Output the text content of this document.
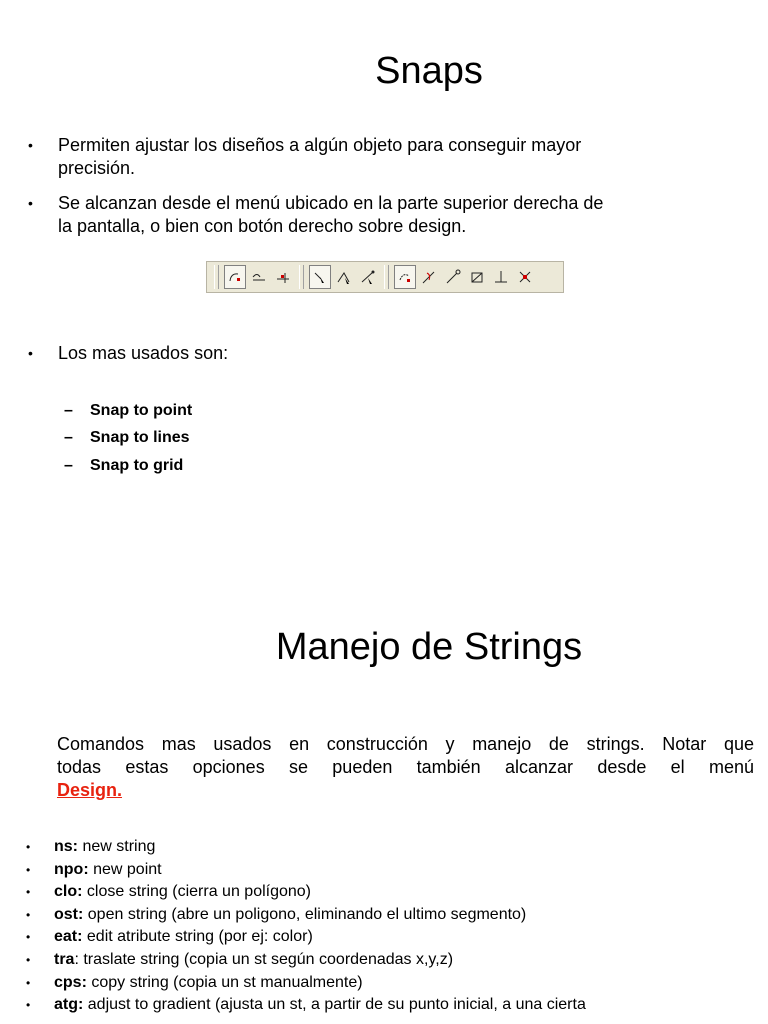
Snaps
• Permiten ajustar los diseños a algún objeto para conseguir mayor
precisión.
• Se alcanzan desde el menú ubicado en la parte superior derecha de
la pantalla, o bien con botón derecho sobre design.
• Los mas usados son:
– Snap to point
– Snap to lines
– Snap to grid
Manejo de Strings
Comandos mas usados en construcción y manejo de strings. Notar que
todas estas opciones se pueden también alcanzar desde el menú
Design.
• ns: new string
• npo: new point
• clo: close string (cierra un polígono)
• ost: open string (abre un poligono, eliminando el ultimo segmento)
• eat: edit atribute string (por ej: color)
• tra: traslate string (copia un st según coordenadas x,y,z)
• cps: copy string (copia un st manualmente)
• atg: adjust to gradient (ajusta un st, a partir de su punto inicial, a una cierta
